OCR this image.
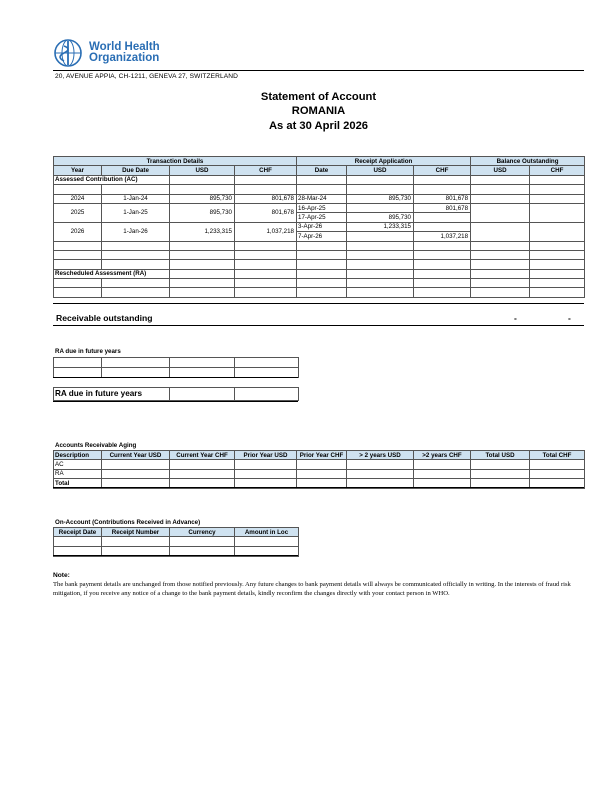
World Health
Organization
20, AVENUE APPIA, CH-1211, GENEVA 27, SWITZERLAND
Statement of Account
ROMANIA
As at 30 April 2026
Transaction Details				Receipt Application			Balance Outstanding	
Year	Due Date	USD	CHF	Date	USD	CHF	USD	CHF
Assessed Contribution (AC)								

2024	1-Jan-24	895,730	801,678	28-Mar-24	895,730	801,678		
2025	1-Jan-25	895,730	801,678	16-Apr-25		801,678		
				17-Apr-25	895,730			
2026	1-Jan-26	1,233,315	1,037,218	3-Apr-26	1,233,315			
				7-Apr-26		1,037,218		

Rescheduled Assessment (RA)								

Receivable outstanding	-	-
RA due in future years

RA due in future years		
Accounts Receivable Aging
Description	Current Year USD	Current Year CHF	Prior Year USD	Prior Year CHF	> 2 years USD	>2 years CHF	Total USD	Total CHF
AC								
RA								
Total								
On-Account (Contributions Received in Advance)
Receipt Date	Receipt Number	Currency	Amount in Loc

Note:
The bank payment details are unchanged from those notified previously. Any future changes to bank payment details will always be communicated officially in writing. In the interests of fraud risk mitigation, if you receive any notice of a change to the bank payment details, kindly reconfirm the changes directly with your contact person in WHO.
